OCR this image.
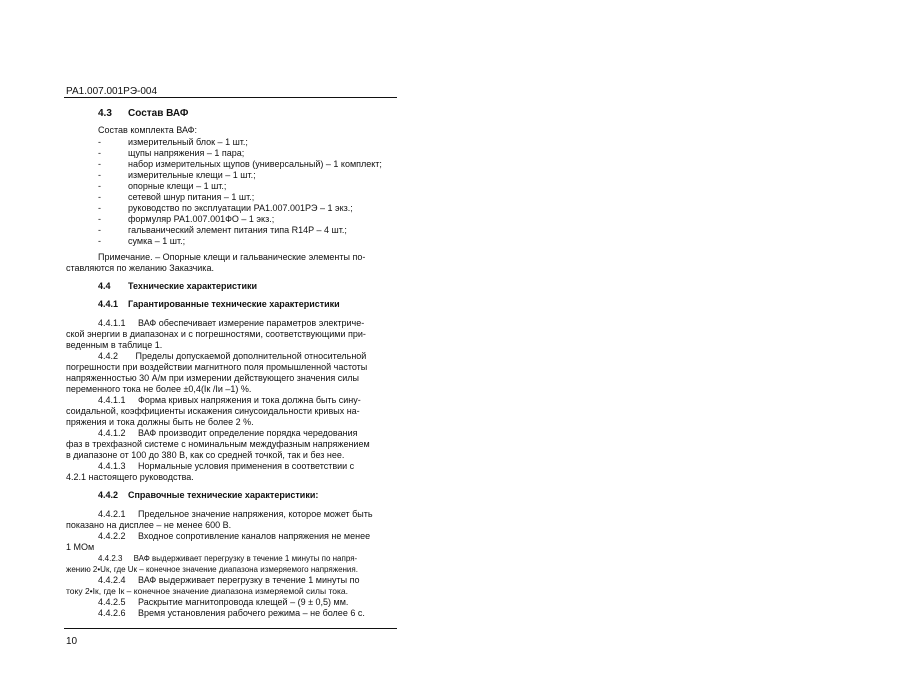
РА1.007.001РЭ-004
4.3 Состав ВАФ
Состав комплекта ВАФ:
-	измерительный блок – 1 шт.;
-	щупы напряжения – 1 пара;
-	набор измерительных щупов (универсальный) – 1 комплект;
-	измерительные клещи – 1 шт.;
-	опорные клещи – 1 шт.;
-	сетевой шнур питания – 1 шт.;
-	руководство по эксплуатации РА1.007.001РЭ – 1 экз.;
-	формуляр РА1.007.001ФО – 1 экз.;
-	гальванический элемент питания типа R14P – 4 шт.;
-	сумка – 1 шт.;
Примечание. – Опорные клещи и гальванические элементы по-
ставляются по желанию Заказчика.
4.4 Технические характеристики
4.4.1 Гарантированные технические характеристики
4.4.1.1     ВАФ обеспечивает измерение параметров электриче-
ской энергии в диапазонах и с погрешностями, соответствующими при-
веденным в таблице 1.
4.4.2       Пределы допускаемой дополнительной относительной
погрешности при воздействии магнитного поля промышленной частоты
напряженностью 30 А/м при измерении действующего значения силы
переменного тока не более ±0,4(Iк /Iи –1) %.
4.4.1.1     Форма кривых напряжения и тока должна быть сину-
соидальной, коэффициенты искажения синусоидальности кривых на-
пряжения и тока должны быть не более 2 %.
4.4.1.2     ВАФ производит определение порядка чередования
фаз в трехфазной системе с номинальным междуфазным напряжением
в диапазоне от 100 до 380 В, как со средней точкой, так и без нее.
4.4.1.3     Нормальные условия применения в соответствии с
4.2.1 настоящего руководства.
4.4.2 Справочные технические характеристики:
4.4.2.1     Предельное значение напряжения, которое может быть
показано на дисплее – не менее 600 В.
4.4.2.2     Входное сопротивление каналов напряжения не менее
1 МОм
4.4.2.3     ВАФ выдерживает перегрузку в течение 1 минуты по напря-
жению 2•Uк, где Uк – конечное значение диапазона измеряемого напряжения.
4.4.2.4     ВАФ выдерживает перегрузку в течение 1 минуты по
току 2•Iк, где Iк – конечное значение диапазона измеряемой силы тока.
4.4.2.5     Раскрытие магнитопровода клещей – (9 ± 0,5) мм.
4.4.2.6     Время установления рабочего режима – не более 6 с.
10
